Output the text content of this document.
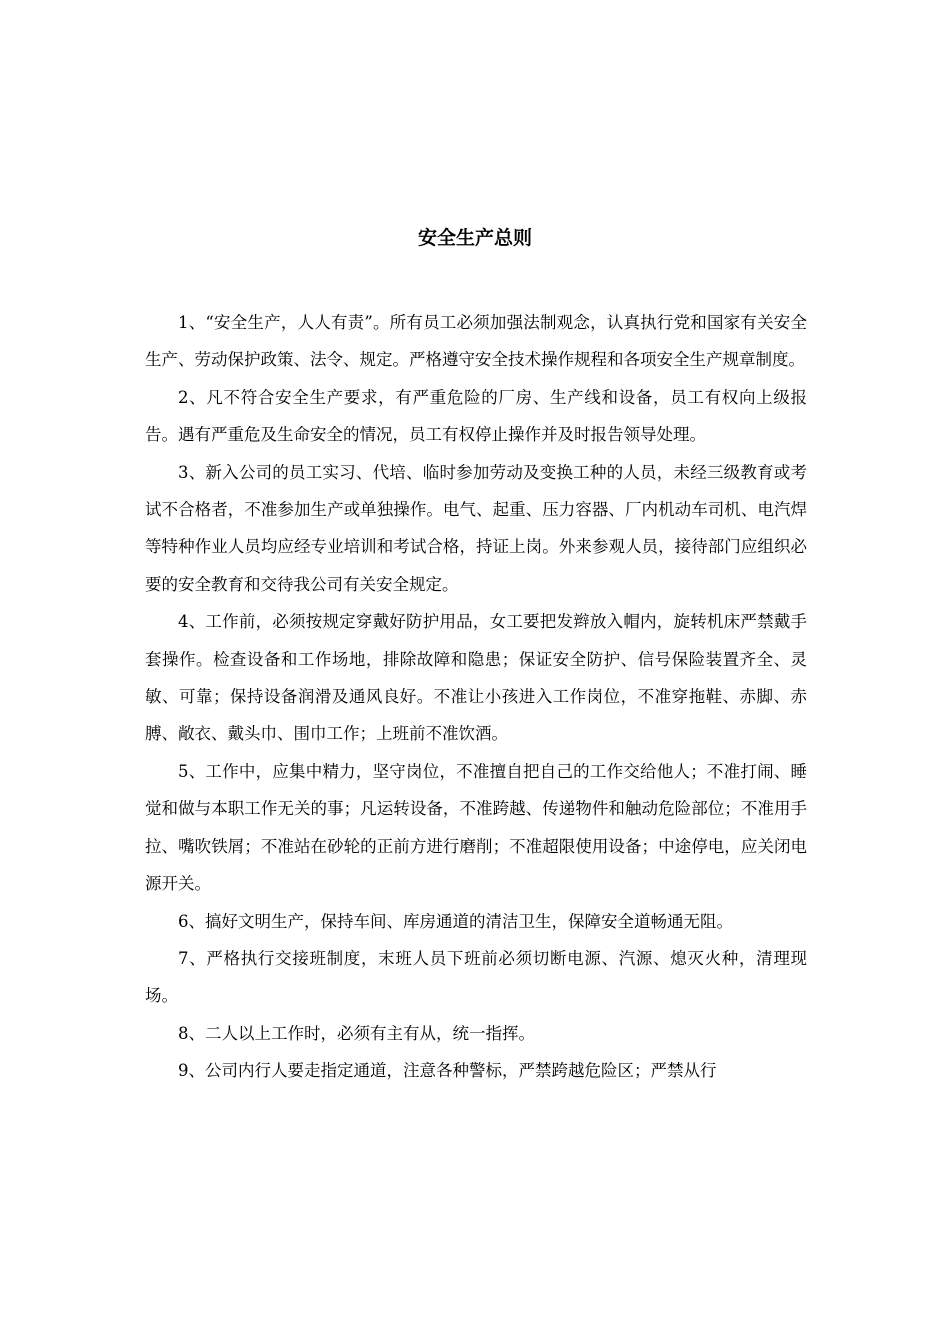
安全生产总则

1、“安全生产，人人有责”。所有员工必须加强法制观念，认真执行党和国家有关安全生产、劳动保护政策、法令、规定。严格遵守安全技术操作规程和各项安全生产规章制度。

2、凡不符合安全生产要求，有严重危险的厂房、生产线和设备，员工有权向上级报告。遇有严重危及生命安全的情况，员工有权停止操作并及时报告领导处理。

3、新入公司的员工实习、代培、临时参加劳动及变换工种的人员，未经三级教育或考试不合格者，不准参加生产或单独操作。电气、起重、压力容器、厂内机动车司机、电汽焊等特种作业人员均应经专业培训和考试合格，持证上岗。外来参观人员，接待部门应组织必要的安全教育和交待我公司有关安全规定。

4、工作前，必须按规定穿戴好防护用品，女工要把发辫放入帽内，旋转机床严禁戴手套操作。检查设备和工作场地，排除故障和隐患；保证安全防护、信号保险装置齐全、灵敏、可靠；保持设备润滑及通风良好。不准让小孩进入工作岗位，不准穿拖鞋、赤脚、赤膊、敞衣、戴头巾、围巾工作；上班前不准饮酒。

5、工作中，应集中精力，坚守岗位，不准擅自把自己的工作交给他人；不准打闹、睡觉和做与本职工作无关的事；凡运转设备，不准跨越、传递物件和触动危险部位；不准用手拉、嘴吹铁屑；不准站在砂轮的正前方进行磨削；不准超限使用设备；中途停电，应关闭电源开关。

6、搞好文明生产，保持车间、库房通道的清洁卫生，保障安全道畅通无阻。

7、严格执行交接班制度，末班人员下班前必须切断电源、汽源、熄灭火种，清理现场。

8、二人以上工作时，必须有主有从，统一指挥。

9、公司内行人要走指定通道，注意各种警标，严禁跨越危险区；严禁从行
